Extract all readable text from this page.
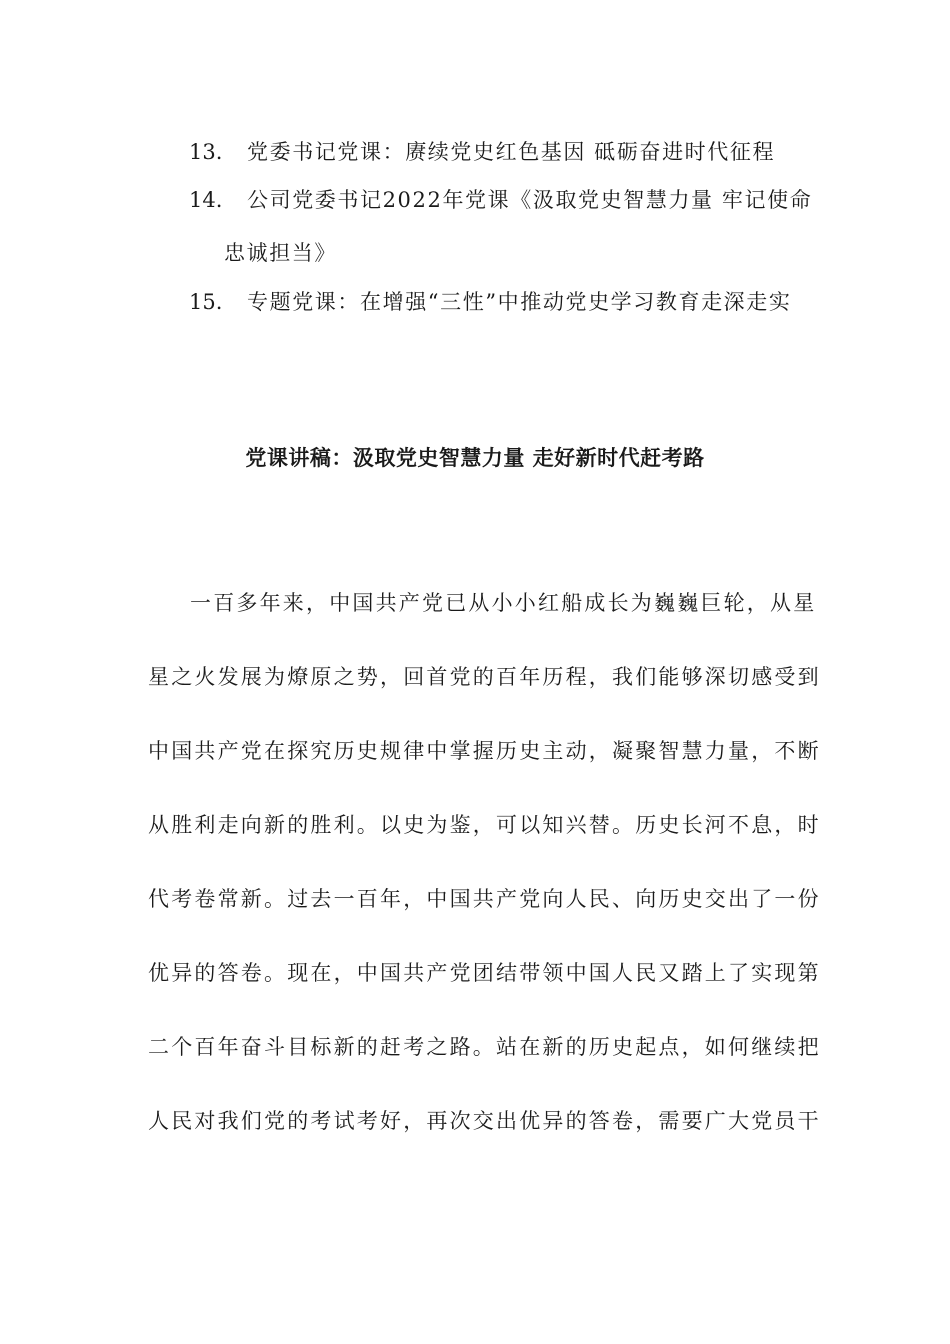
13. 党委书记党课：赓续党史红色基因 砥砺奋进时代征程
14. 公司党委书记2022年党课《汲取党史智慧力量 牢记使命
忠诚担当》
15. 专题党课：在增强“三性”中推动党史学习教育走深走实
党课讲稿：汲取党史智慧力量 走好新时代赶考路
一百多年来，中国共产党已从小小红船成长为巍巍巨轮，从星
星之火发展为燎原之势，回首党的百年历程，我们能够深切感受到
中国共产党在探究历史规律中掌握历史主动，凝聚智慧力量，不断
从胜利走向新的胜利。以史为鉴，可以知兴替。历史长河不息，时
代考卷常新。过去一百年，中国共产党向人民、向历史交出了一份
优异的答卷。现在，中国共产党团结带领中国人民又踏上了实现第
二个百年奋斗目标新的赶考之路。站在新的历史起点，如何继续把
人民对我们党的考试考好，再次交出优异的答卷，需要广大党员干
